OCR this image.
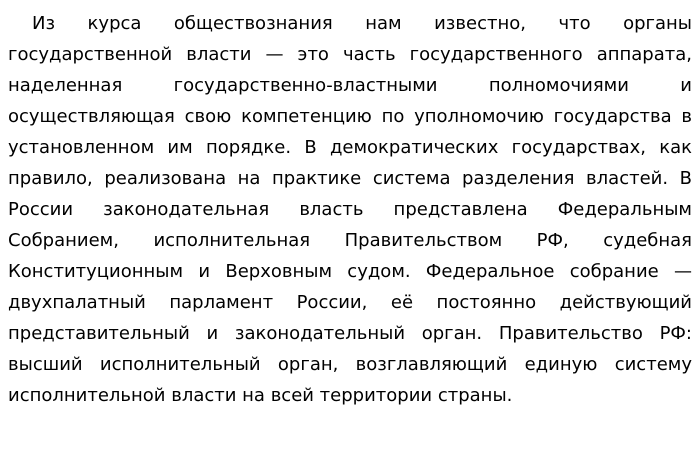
Из курса обществознания нам известно, что органы государственной власти — это часть государственного аппарата, наделенная государственно-властными полномочиями и осуществляющая свою компетенцию по уполномочию государства в установленном им порядке. В демократических государствах, как правило, реализована на практике система разделения властей. В России законодательная власть представлена Федеральным Собранием, исполнительная Правительством РФ, судебная Конституционным и Верховным судом. Федеральное собрание — двухпалатный парламент России, её постоянно действующий представительный и законодательный орган. Правительство РФ: высший исполнительный орган, возглавляющий единую систему исполнительной власти на всей территории страны.
